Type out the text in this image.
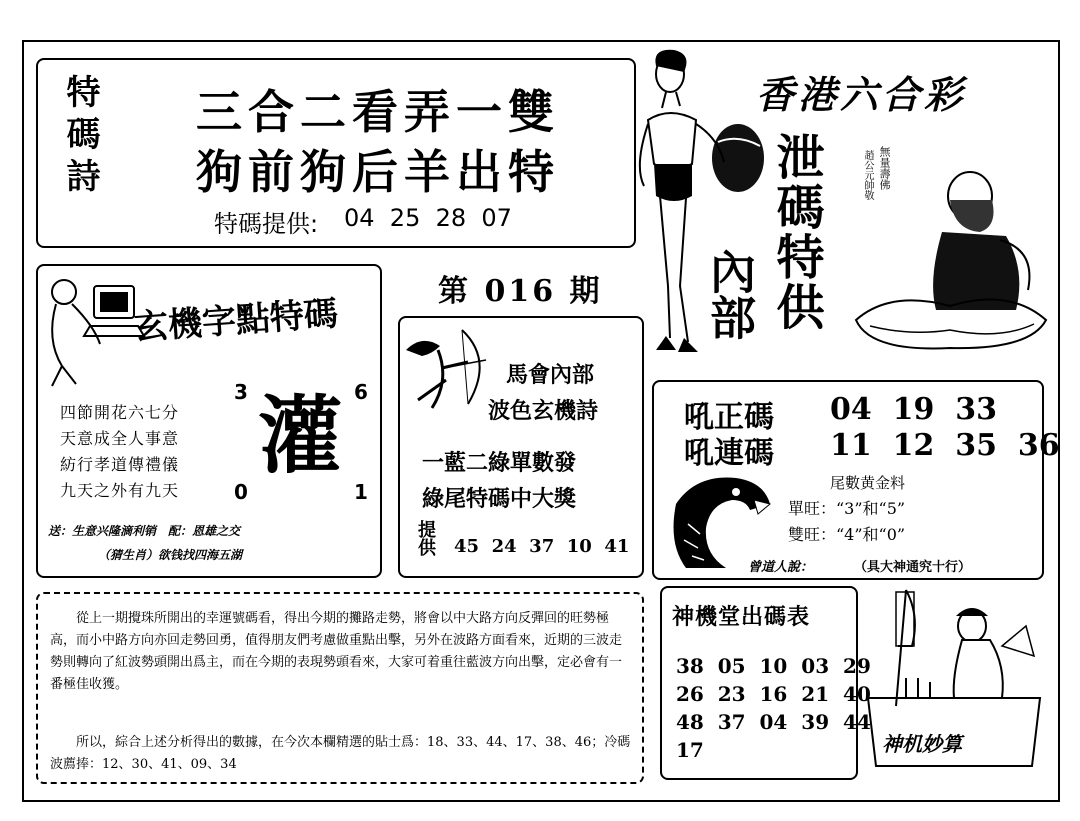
特碼詩	三合二看弄一雙
狗前狗后羊出特
特碼提供: 04  25  28  07
香港六合彩
泄碼特供
內部
無量壽佛
趙公元帥敬
第 016 期
玄機字點特碼
3	6
0	1
灌
四節開花六七分
天意成全人事意
紡行孝道傳禮儀
九天之外有九天
送：生意兴隆滴利销　配：恩雄之交
（猜生肖）欲钱找四海五湖
馬會內部
波色玄機詩
一藍二綠單數發
綠尾特碼中大獎
提供 45  24  37  10  41
吼正碼 04  19  33
吼連碼 11  12  35  36
尾數黄金料
單旺：“3”和“5”
雙旺：“4”和“0”
曾道人說：	（具大神通究十行）
從上一期攪珠所開出的幸運號碼看，得出今期的攤路走勢，將會以中大路方向反彈回的旺勢極高，而小中路方向亦回走勢回勇，值得朋友們考慮做重點出擊，另外在波路方面看來，近期的三波走勢則轉向了紅波勢頭開出爲主，而在今期的表現勢頭看來，大家可着重往藍波方向出擊，定必會有一番極佳收獲。
所以，綜合上述分析得出的數據，在今次本欄精選的貼士爲：18、33、44、17、38、46；冷碼波薦捧：12、30、41、09、34
神機堂出碼表
38  05  10  03  29
26  23  16  21  40
48  37  04  39  44
17	神机妙算
